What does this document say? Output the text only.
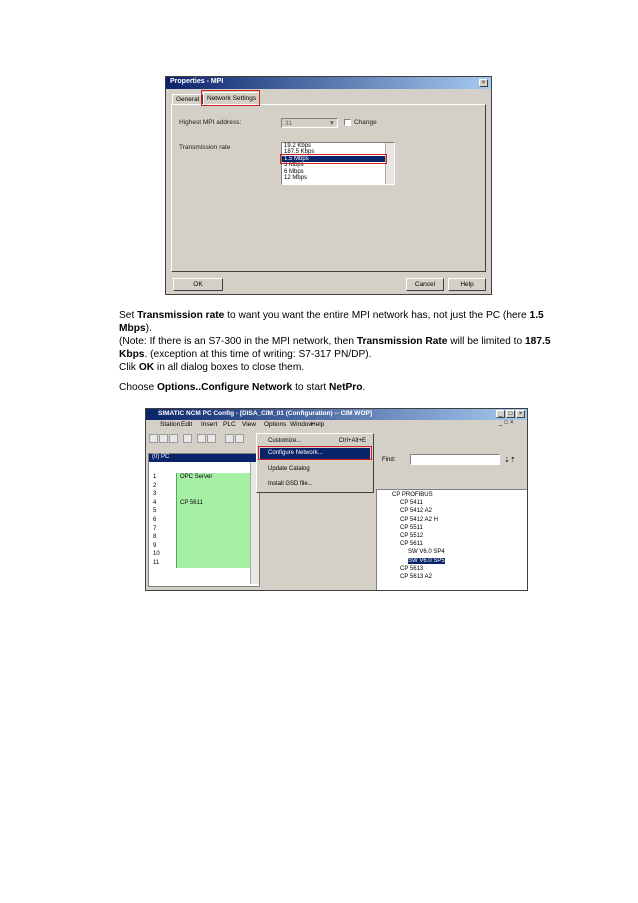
Properties - MPI	×
General	Network Settings
Highest MPI address:	31	▼	Change
Transmission rate	19.2 Kbps
187.5 Kbps
1.5 Mbps
3 Mbps
6 Mbps
12 Mbps
OK	Cancel	Help
Set Transmission rate to want you want the entire MPI network has, not just the PC (here 1.5
Mbps).
(Note: If there is an S7-300 in the MPI network, then Transmission Rate will be limited to 187.5
Kbps. (exception at this time of writing: S7-317 PN/DP).
Clik OK in all dialog boxes to close them.
Choose Options..Configure Network to start NetPro.
SIMATIC NCM PC Config - [DISA_CIM_01 (Configuration) -- CIM WOP]	_	□	×
Station Edit Insert PLC View Options Window
Help	_□×
(0) PC
1	OPC Server
2
3
4	CP 5611
5
6
7
8
9
10
11
Find:	⇣⇡
CP PROFIBUS
CP 5411
CP 5412 A2
CP 5412 A2 H
CP 5511
CP 5512
CP 5611
SW V6.0 SP4
SW V6.0 SP5
CP 5613
CP 5613 A2
Customize...	Ctrl+Alt+E
Configure Network...
Update Catalog
Install GSD file...
